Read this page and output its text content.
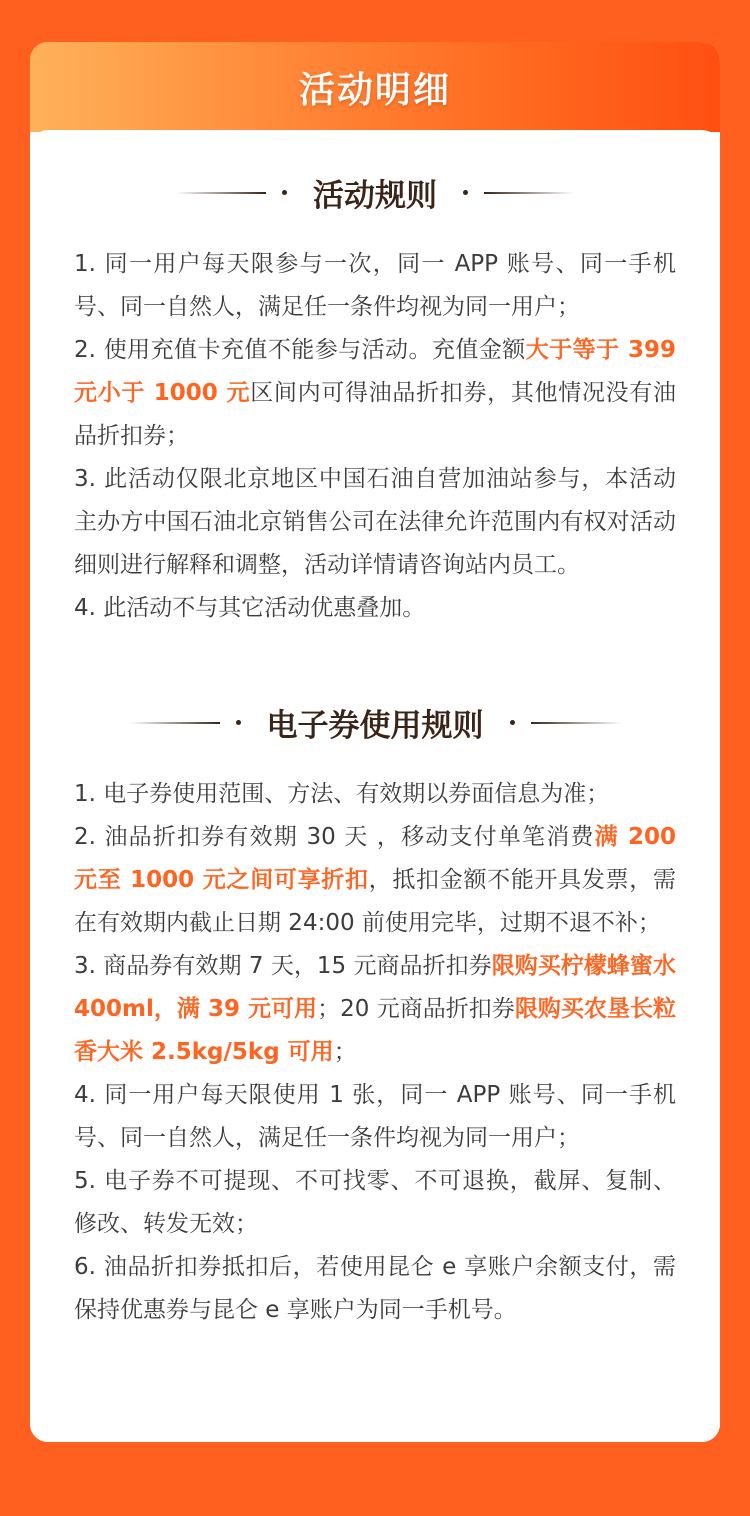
活动明细
活动规则

1. 同一用户每天限参与一次，同一 APP 账号、同一手机号、同一自然人，满足任一条件均视为同一用户；

2. 使用充值卡充值不能参与活动。充值金额大于等于 399 元小于 1000 元区间内可得油品折扣券，其他情况没有油品折扣券；

3. 此活动仅限北京地区中国石油自营加油站参与，本活动主办方中国石油北京销售公司在法律允许范围内有权对活动细则进行解释和调整，活动详情请咨询站内员工。

4. 此活动不与其它活动优惠叠加。

电子券使用规则

1. 电子券使用范围、方法、有效期以券面信息为准；

2. 油品折扣券有效期 30 天 ，移动支付单笔消费满 200 元至 1000 元之间可享折扣，抵扣金额不能开具发票，需在有效期内截止日期 24:00 前使用完毕，过期不退不补；

3. 商品券有效期 7 天，15 元商品折扣券限购买柠檬蜂蜜水 400ml，满 39 元可用；20 元商品折扣券限购买农垦长粒香大米 2.5kg/5kg 可用；

4. 同一用户每天限使用 1 张，同一 APP 账号、同一手机号、同一自然人，满足任一条件均视为同一用户；

5. 电子券不可提现、不可找零、不可退换，截屏、复制、修改、转发无效；

6. 油品折扣券抵扣后，若使用昆仑 e 享账户余额支付，需保持优惠券与昆仑 e 享账户为同一手机号。
